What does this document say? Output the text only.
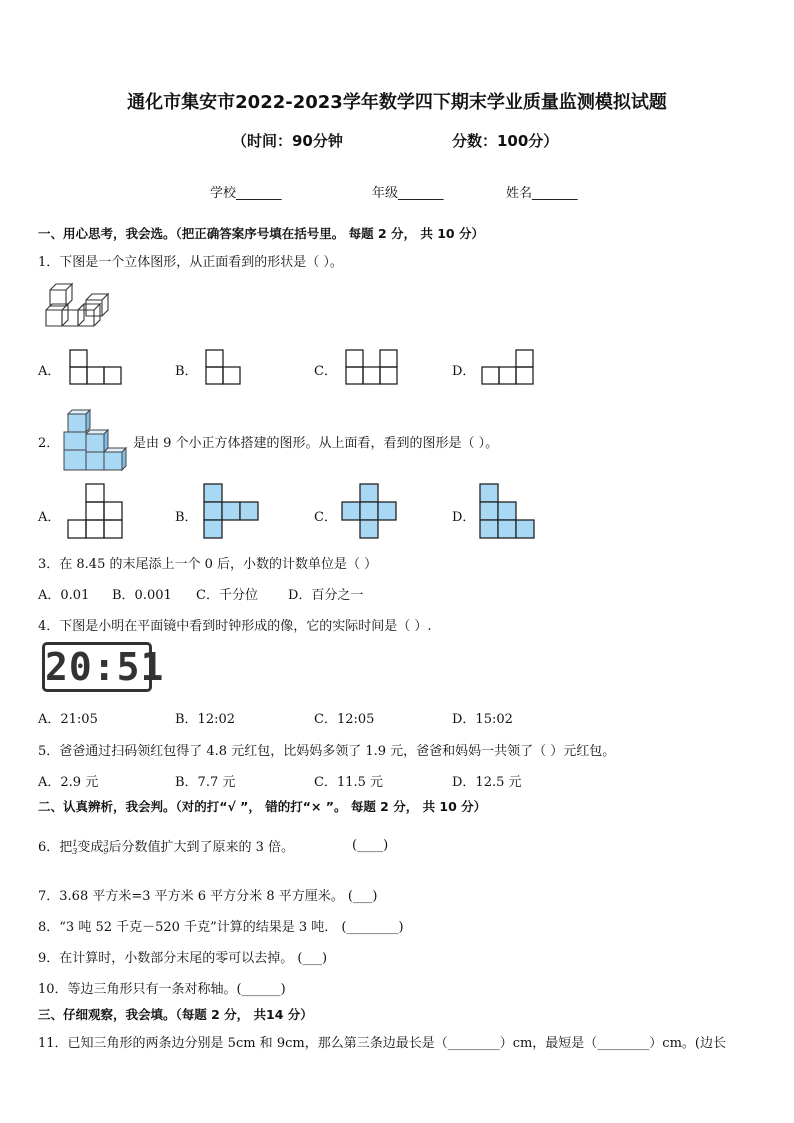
通化市集安市2022-2023学年数学四下期末学业质量监测模拟试题
（时间：90分钟	分数：100分）
学校_______	年级_______	姓名_______
一、用心思考，我会选。（把正确答案序号填在括号里。 每题 2 分， 共 10 分）
1．下图是一个立体图形，从正面看到的形状是（ ）。
A．	B．	C．	D．
2．	是由 9 个小正方体搭建的图形。从上面看，看到的图形是（ ）。
A．	B．	C．	D．
3．在 8.45 的末尾添上一个 0 后，小数的计数单位是（ ）
A．0.01 B．0.001 C．千分位 D．百分之一
4．下图是小明在平面镜中看到时钟形成的像，它的实际时间是（ ）.
20:51
A．21:05	B．12:02	C．12:05	D．15:02
5．爸爸通过扫码领红包得了 4.8 元红包，比妈妈多领了 1.9 元，爸爸和妈妈一共领了（ ）元红包。
A．2.9 元	B．7.7 元	C．11.5 元	D．12.5 元
二、认真辨析，我会判。（对的打“√ ”， 错的打“× ”。 每题 2 分， 共 10 分）
6．把 1
3 变成 3
9 后分数值扩大到了原来的 3 倍。	(____)
7．3.68 平方米=3 平方米 6 平方分米 8 平方厘米。 (___)
8．“3 吨 52 千克－520 千克”计算的结果是 3 吨． (________)
9．在计算时，小数部分末尾的零可以去掉。 (___)
10．等边三角形只有一条对称轴。(______)
三、仔细观察，我会填。（每题 2 分， 共14 分）
11．已知三角形的两条边分别是 5cm 和 9cm，那么第三条边最长是（________）cm，最短是（________）cm。(边长
